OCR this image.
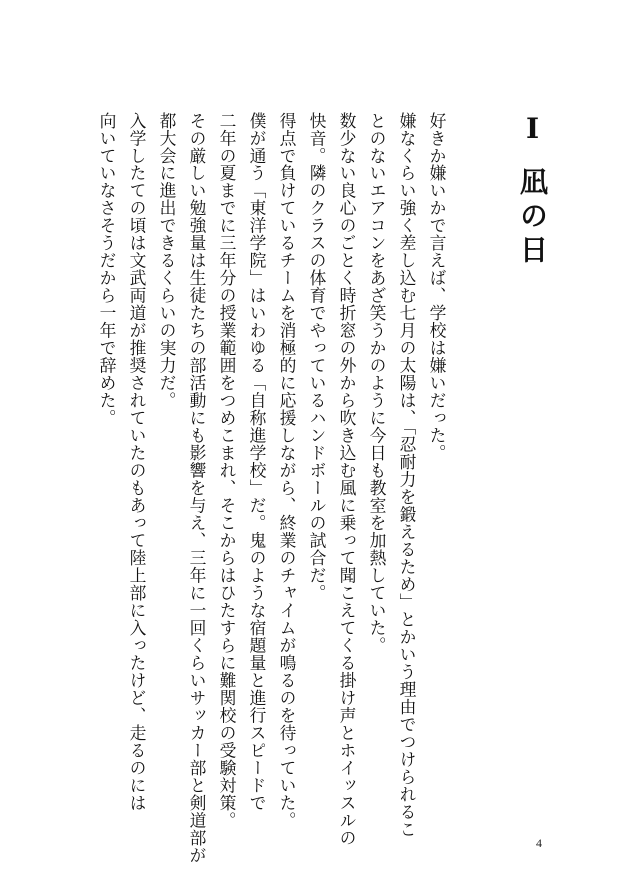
Ⅰ凪の日

好きか嫌いかで言えば、学校は嫌いだった。

嫌なくらい強く差し込む七月の太陽は、「忍耐力を鍛えるため」とかいう理由でつけられるこ

とのないエアコンをあざ笑うかのように今日も教室を加熱していた。

数少ない良心のごとく時折窓の外から吹き込む風に乗って聞こえてくる掛け声とホイッスルの

快音。隣のクラスの体育でやっているハンドボールの試合だ。

得点で負けているチームを消極的に応援しながら、終業のチャイムが鳴るのを待っていた。

僕が通う「東洋学院」はいわゆる「自称進学校」だ。鬼のような宿題量と進行スピードで

二年の夏までに三年分の授業範囲をつめこまれ、そこからはひたすらに難関校の受験対策。

その厳しい勉強量は生徒たちの部活動にも影響を与え、三年に一回くらいサッカー部と剣道部が

都大会に進出できるくらいの実力だ。

入学したての頃は文武両道が推奨されていたのもあって陸上部に入ったけど、走るのには

向いていなさそうだから一年で辞めた。

4
